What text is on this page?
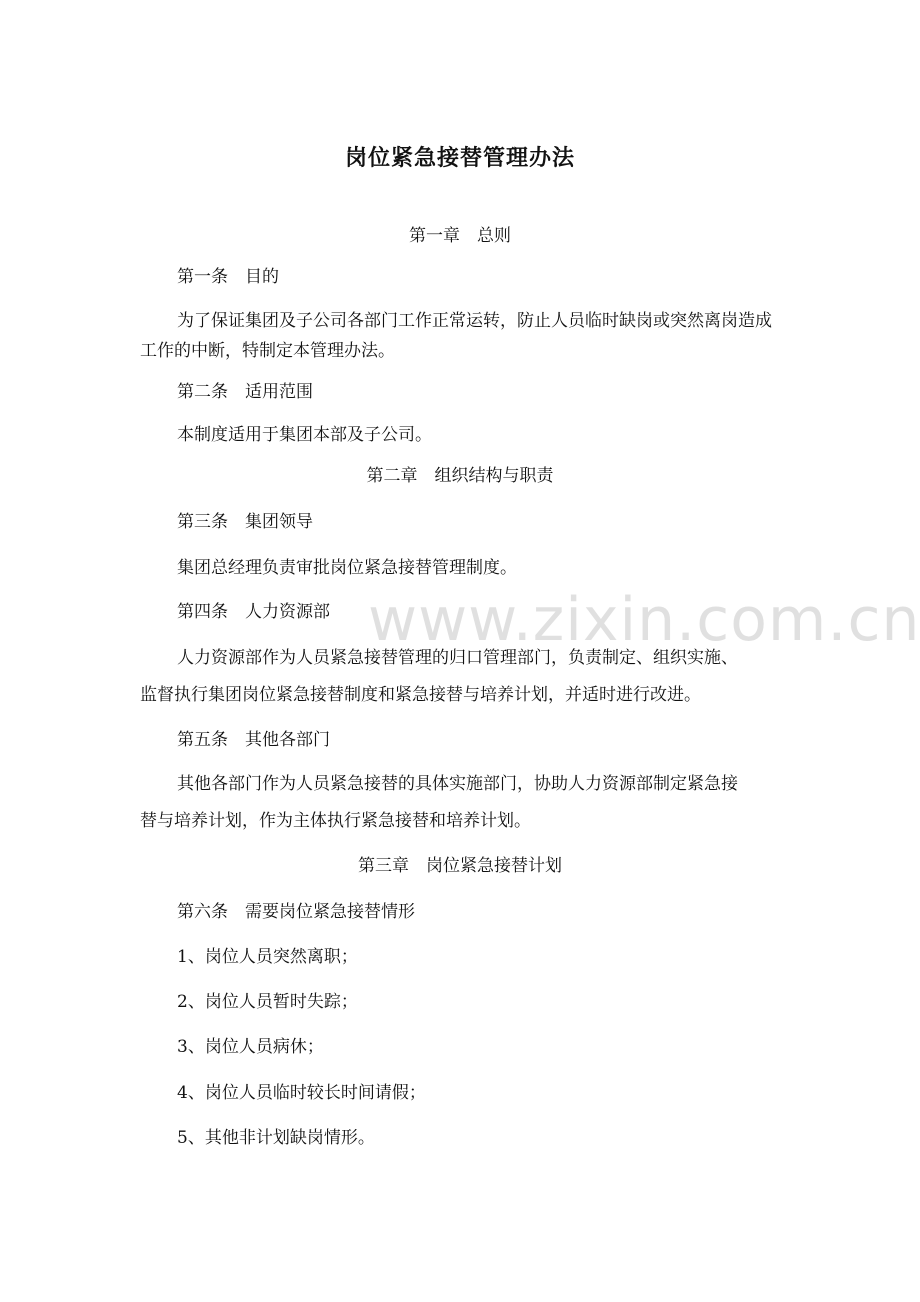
www.zixin.com.cn
岗位紧急接替管理办法
第一章　总则
第一条　目的
为了保证集团及子公司各部门工作正常运转，防止人员临时缺岗或突然离岗造成
工作的中断，特制定本管理办法。
第二条　适用范围
本制度适用于集团本部及子公司。
第二章　组织结构与职责
第三条　集团领导
集团总经理负责审批岗位紧急接替管理制度。
第四条　人力资源部
人力资源部作为人员紧急接替管理的归口管理部门，负责制定、组织实施、
监督执行集团岗位紧急接替制度和紧急接替与培养计划，并适时进行改进。
第五条　其他各部门
其他各部门作为人员紧急接替的具体实施部门，协助人力资源部制定紧急接
替与培养计划，作为主体执行紧急接替和培养计划。
第三章　岗位紧急接替计划
第六条　需要岗位紧急接替情形
1、岗位人员突然离职；
2、岗位人员暂时失踪；
3、岗位人员病休；
4、岗位人员临时较长时间请假；
5、其他非计划缺岗情形。
